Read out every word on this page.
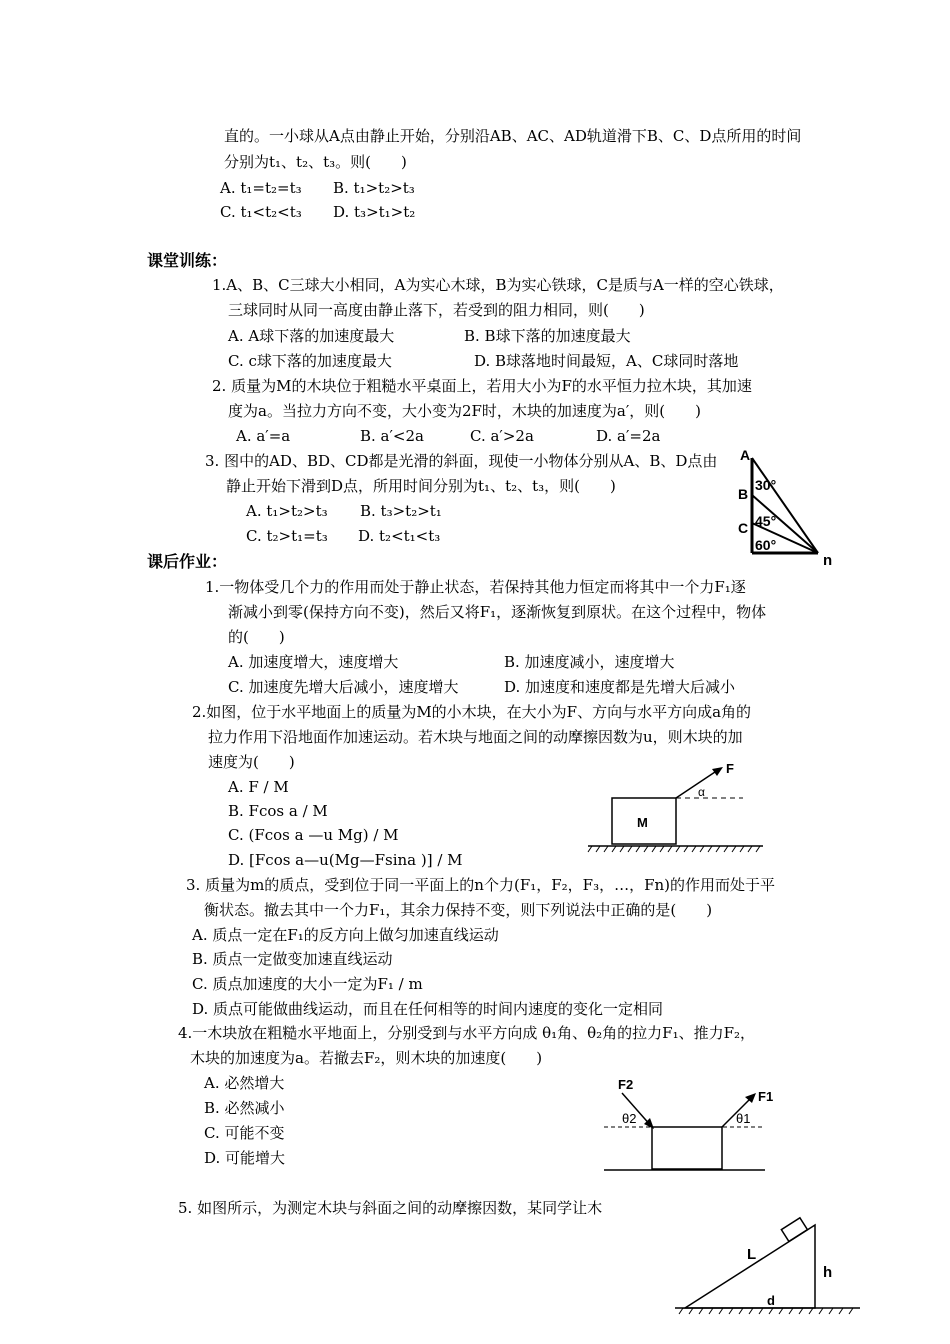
直的。一小球从A点由静止开始，分别沿AB、AC、AD轨道滑下B、C、D点所用的时间
分别为t₁、t₂、t₃。则(　　)
A. t₁=t₂=t₃ B. t₁>t₂>t₃
C. t₁<t₂<t₃ D. t₃>t₁>t₂
课堂训练：
1.A、B、C三球大小相同，A为实心木球，B为实心铁球，C是质与A一样的空心铁球，
三球同时从同一高度由静止落下，若受到的阻力相同，则(　　)
A. A球下落的加速度最大	B. B球下落的加速度最大
C. c球下落的加速度最大	D. B球落地时间最短，A、C球同时落地
2. 质量为M的木块位于粗糙水平桌面上，若用大小为F的水平恒力拉木块，其加速
度为a。当拉力方向不变，大小变为2F时，木块的加速度为a′，则(　　)
A. a′=a	B. a′<2a	C. a′>2a	D. a′=2a
3. 图中的AD、BD、CD都是光滑的斜面，现使一小物体分别从A、B、D点由
静止开始下滑到D点，所用时间分别为t₁、t₂、t₃，则(　　)
A. t₁>t₂>t₃ B. t₃>t₂>t₁
C. t₂>t₁=t₃ D. t₂<t₁<t₃
A
B
C
n
30°
45°
60°
课后作业：
1.一物体受几个力的作用而处于静止状态，若保持其他力恒定而将其中一个力F₁逐
渐减小到零(保持方向不变)，然后又将F₁，逐渐恢复到原状。在这个过程中，物体
的(　　)
A. 加速度增大，速度增大	B. 加速度减小，速度增大
C. 加速度先增大后减小，速度增大	D. 加速度和速度都是先增大后减小
2.如图，位于水平地面上的质量为M的小木块，在大小为F、方向与水平方向成a角的
拉力作用下沿地面作加速运动。若木块与地面之间的动摩擦因数为u，则木块的加
速度为(　　)
A. F / M
B. Fcos a / M
C. (Fcos a —u Mg) / M
D. [Fcos a—u(Mg—Fsina )] / M
F
α
M
3. 质量为m的质点，受到位于同一平面上的n个力(F₁，F₂，F₃，…，Fn)的作用而处于平
衡状态。撤去其中一个力F₁，其余力保持不变，则下列说法中正确的是(　　)
A. 质点一定在F₁的反方向上做匀加速直线运动
B. 质点一定做变加速直线运动
C. 质点加速度的大小一定为F₁ / m
D. 质点可能做曲线运动，而且在任何相等的时间内速度的变化一定相同
4.一木块放在粗糙水平地面上，分别受到与水平方向成 θ₁角、θ₂角的拉力F₁、推力F₂，
木块的加速度为a。若撤去F₂，则木块的加速度(　　)
A. 必然增大
B. 必然减小
C. 可能不变
D. 可能增大
F2
F1
θ2	θ1
5. 如图所示，为测定木块与斜面之间的动摩擦因数，某同学让木
L
h
d
